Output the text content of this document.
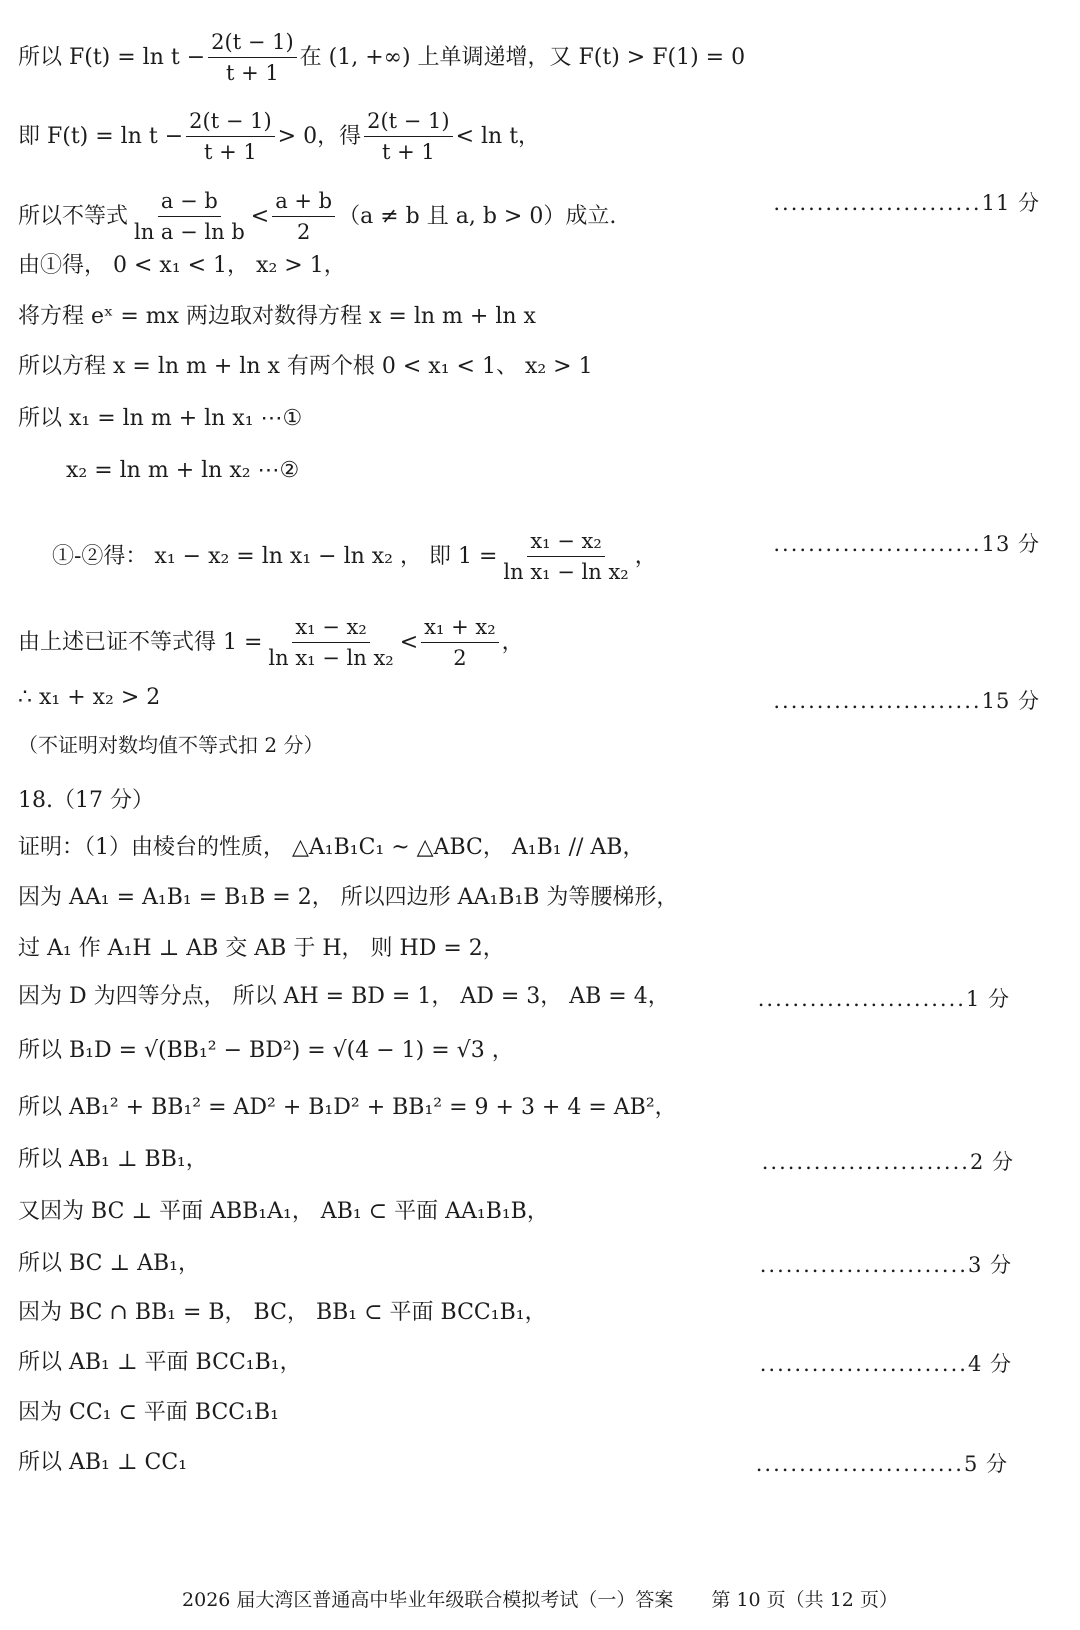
所以 $F(t) = \ln t - \frac{2(t - 1)}{t + 1}$ 在 (1, +∞) 上单调递增，又 F(t) > F(1) = 0
即 $F(t) = \ln t - \frac{2(t - 1)}{t + 1} > 0$，得 $\frac{2(t - 1)}{t + 1} < \ln t$，
所以不等式 $\frac{a - b}{\text{ln a − ln b}} < \frac{a + b}{2} (a \ne b$ 且 a, b > 0）成立.
........................11 分
由①得， 0 < x₁ < 1， x₂ > 1，
将方程 eˣ = mx 两边取对数得方程 x = ln m + ln x
所以方程 x = ln m + ln x 有两个根 0 < x₁ < 1、 x₂ > 1
所以 x₁ = ln m + ln x₁ ⋯①
x₂ = ln m + ln x₂ ⋯②
①-②得： x₁ − x₂ = ln x₁ − ln x₂ ， 即 $1 = \frac{\text{x₁ − x₂}}{\text{ln x₁ − ln x₂}}$ ，	........................13 分
由上述已证不等式得 $1 = \frac{\text{x₁ − x₂}}{\text{ln x₁ − ln x₂}} < \frac{\text{x₁ + x₂}}{2}$ ，
∴ x₁ + x₂ > 2	........................15 分
（不证明对数均值不等式扣 2 分）
18.（17 分）
证明：（1）由棱台的性质， △A₁B₁C₁ ~ △ABC， A₁B₁ // AB，
因为 AA₁ = A₁B₁ = B₁B = 2， 所以四边形 AA₁B₁B 为等腰梯形，
过 A₁ 作 A₁H ⊥ AB 交 AB 于 H， 则 HD = 2，
因为 D 为四等分点， 所以 AH = BD = 1， AD = 3， AB = 4，	........................1 分
所以 B₁D = √(BB₁² − BD²) = √(4 − 1) = √3 ，
所以 AB₁² + BB₁² = AD² + B₁D² + BB₁² = 9 + 3 + 4 = AB²，
所以 AB₁ ⊥ BB₁，	........................2 分
又因为 BC ⊥ 平面 ABB₁A₁， AB₁ ⊂ 平面 AA₁B₁B，
所以 BC ⊥ AB₁，	........................3 分
因为 BC ∩ BB₁ = B， BC， BB₁ ⊂ 平面 BCC₁B₁，
所以 AB₁ ⊥ 平面 BCC₁B₁，	........................4 分
因为 CC₁ ⊂ 平面 BCC₁B₁
所以 AB₁ ⊥ CC₁	........................5 分
2026 届大湾区普通高中毕业年级联合模拟考试（一）答案　　第 10 页（共 12 页）
